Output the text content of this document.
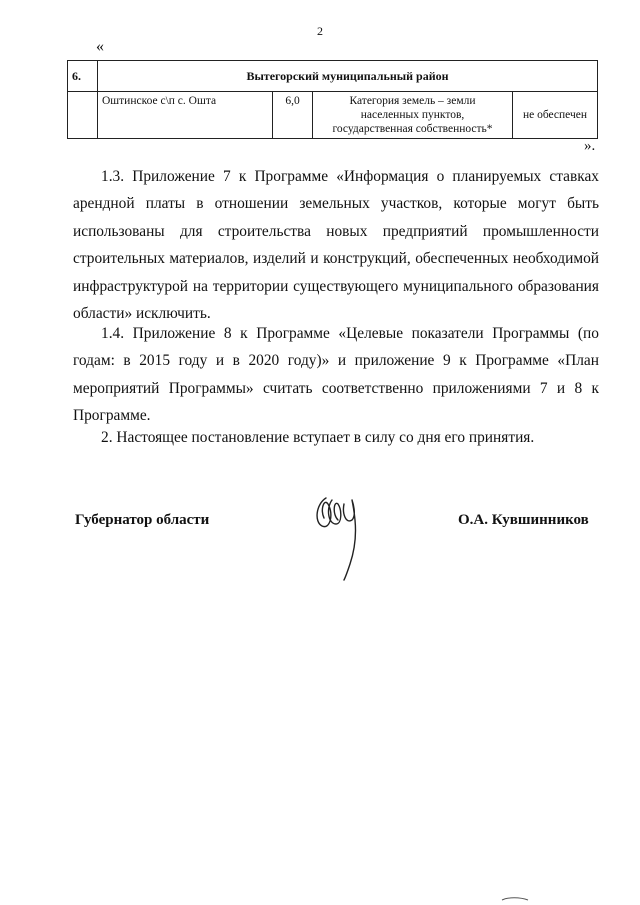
2
«
6.	Вытегорский муниципальный район			
	Оштинское с\п с. Ошта	6,0	Категория земель – земли
населенных пунктов,
государственная собственность*	не обеспечен
».

1.3. Приложение 7 к Программе «Информация о планируемых ставках арендной платы в отношении земельных участков, которые могут быть использованы для строительства новых предприятий промышленности строительных материалов, изделий и конструкций, обеспеченных необходимой инфраструктурой на территории существующего муниципального образования области» исключить.

1.4. Приложение 8 к Программе «Целевые показатели Программы (по годам: в 2015 году и в 2020 году)» и приложение 9 к Программе «План мероприятий Программы» считать соответственно приложениями 7 и 8 к Программе.

2. Настоящее постановление вступает в силу со дня его принятия.

Губернатор области	О.А. Кувшинников
